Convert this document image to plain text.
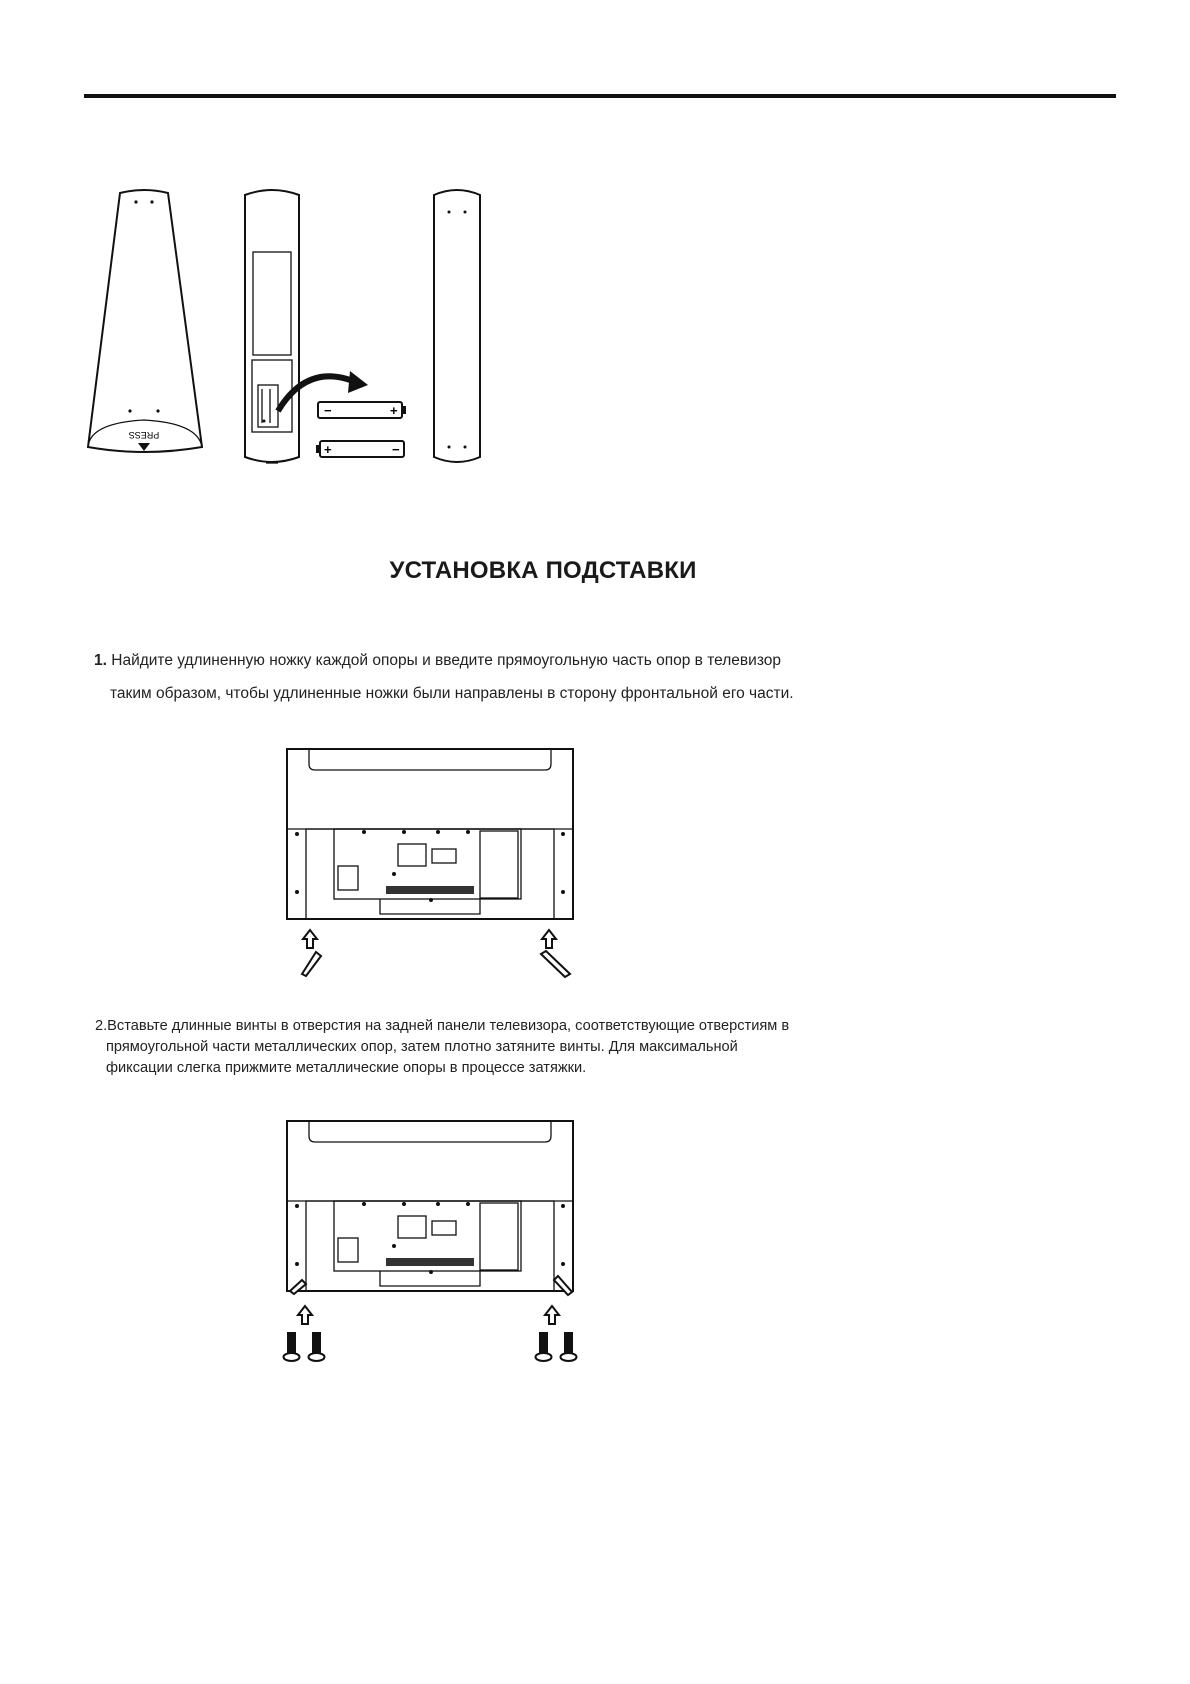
PRESS
−	+
+	−
УСТАНОВКА ПОДСТАВКИ
1. Найдите удлиненную ножку каждой опоры и введите прямоугольную часть опор в телевизор
таким образом, чтобы удлиненные ножки были направлены в сторону фронтальной его части.
2.Вставьте длинные винты в отверстия на задней панели телевизора, соответствующие отверстиям в
прямоугольной части металлических опор, затем плотно затяните винты. Для максимальной
фиксации слегка прижмите металлические опоры в процессе затяжки.
